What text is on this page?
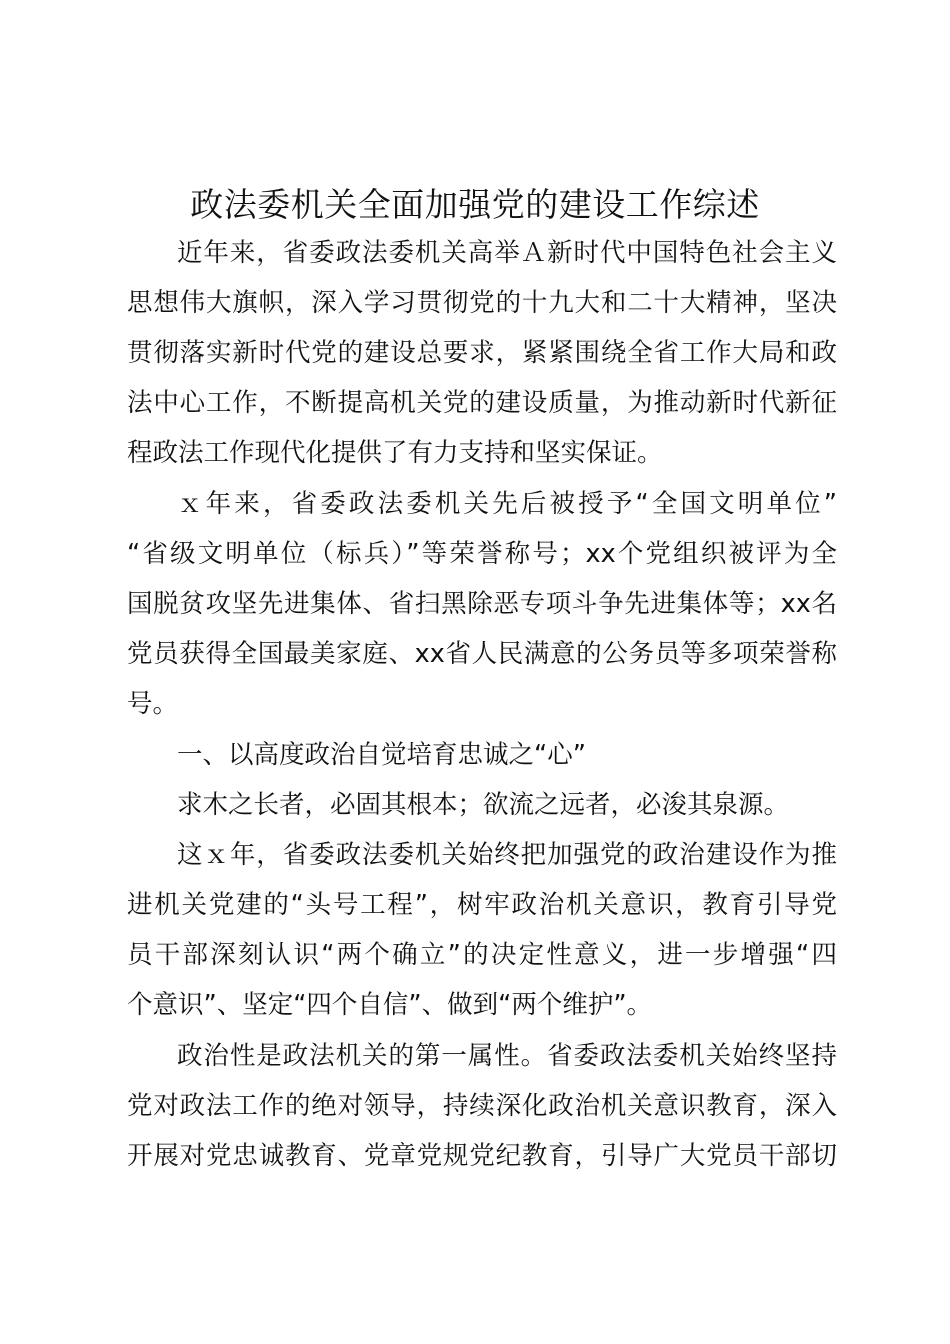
政法委机关全面加强党的建设工作综述
近年来，省委政法委机关高举Ａ新时代中国特色社会主义
思想伟大旗帜，深入学习贯彻党的十九大和二十大精神，坚决
贯彻落实新时代党的建设总要求，紧紧围绕全省工作大局和政
法中心工作，不断提高机关党的建设质量，为推动新时代新征
程政法工作现代化提供了有力支持和坚实保证。
ｘ年来，省委政法委机关先后被授予“全国文明单位”
“省级文明单位（标兵）”等荣誉称号；xx个党组织被评为全
国脱贫攻坚先进集体、省扫黑除恶专项斗争先进集体等；xx名
党员获得全国最美家庭、xx省人民满意的公务员等多项荣誉称
号。
一、以高度政治自觉培育忠诚之“心”
求木之长者，必固其根本；欲流之远者，必浚其泉源。
这ｘ年，省委政法委机关始终把加强党的政治建设作为推
进机关党建的“头号工程”，树牢政治机关意识，教育引导党
员干部深刻认识“两个确立”的决定性意义，进一步增强“四
个意识”、坚定“四个自信”、做到“两个维护”。
政治性是政法机关的第一属性。省委政法委机关始终坚持
党对政法工作的绝对领导，持续深化政治机关意识教育，深入
开展对党忠诚教育、党章党规党纪教育，引导广大党员干部切
